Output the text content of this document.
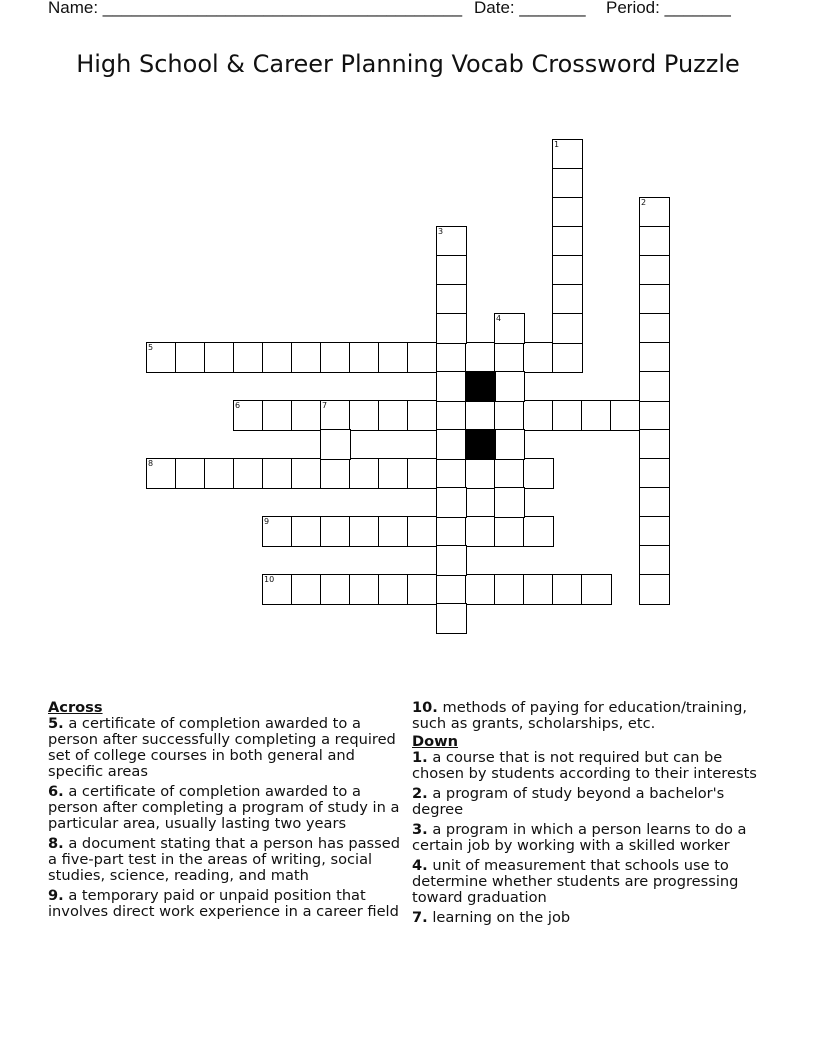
Name: ______________________________________ Date: _______ Period: _______
High School & Career Planning Vocab Crossword Puzzle
5
6	7
8
9
10
1
2
3
4
Across
5. a certificate of completion awarded to a person after successfully completing a required set of college courses in both general and specific areas
6. a certificate of completion awarded to a person after completing a program of study in a particular area, usually lasting two years
8. a document stating that a person has passed a five-part test in the areas of writing, social studies, science, reading, and math
9. a temporary paid or unpaid position that involves direct work experience in a career field
10. methods of paying for education/training, such as grants, scholarships, etc.
Down
1. a course that is not required but can be chosen by students according to their interests
2. a program of study beyond a bachelor's degree
3. a program in which a person learns to do a certain job by working with a skilled worker
4. unit of measurement that schools use to determine whether students are progressing toward graduation
7. learning on the job
